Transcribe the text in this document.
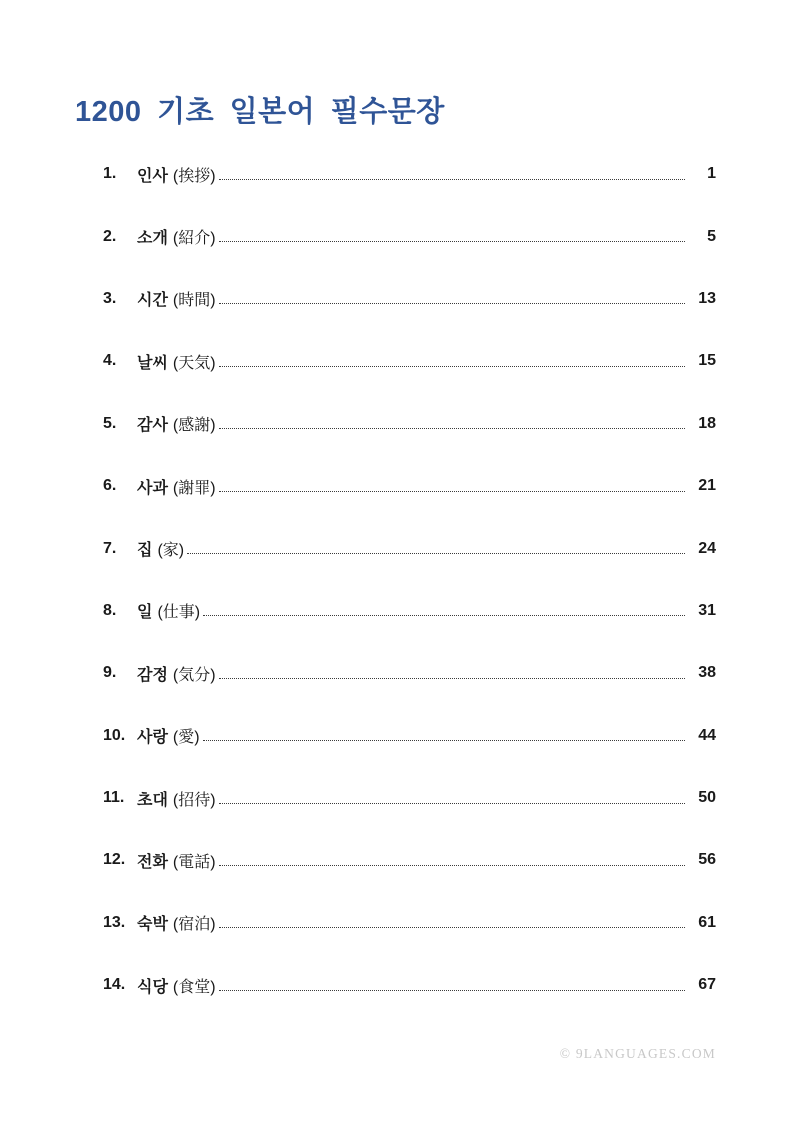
1200 기초 일본어 필수문장
1.	인사 (挨拶)	1
2.	소개 (紹介)	5
3.	시간 (時間)	13
4.	날씨 (天気)	15
5.	감사 (感謝)	18
6.	사과 (謝罪)	21
7.	집 (家)	24
8.	일 (仕事)	31
9.	감정 (気分)	38
10. 사랑 (愛)	44
11. 초대 (招待)	50
12. 전화 (電話)	56
13. 숙박 (宿泊)	61
14. 식당 (食堂)	67
© 9LANGUAGES.COM
